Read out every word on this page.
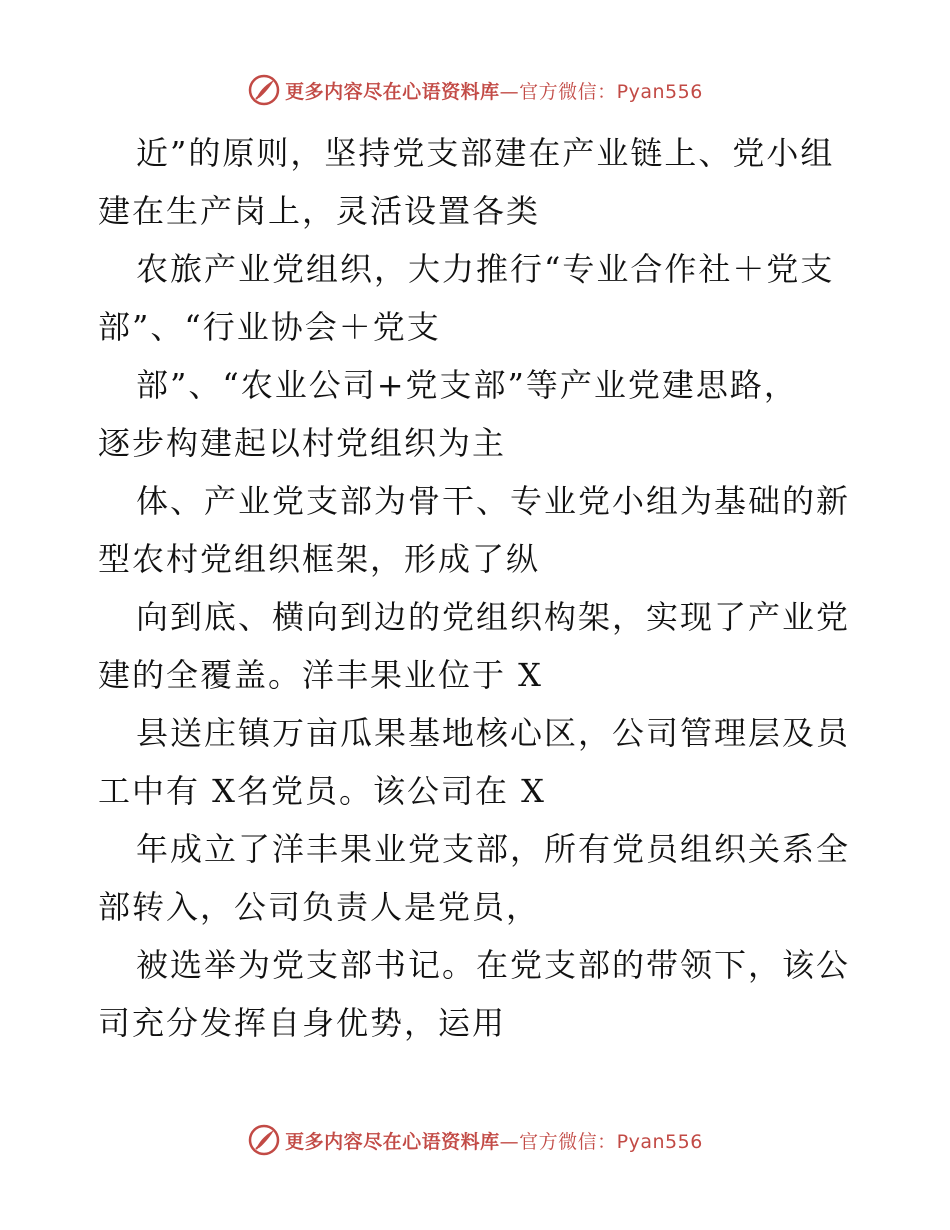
更多内容尽在心语资料库 —官方微信：Pyan556
近”的原则，坚持党支部建在产业链上、党小组
建在生产岗上，灵活设置各类
农旅产业党组织，大力推行“专业合作社＋党支
部”、“行业协会＋党支
部”、“农业公司+党支部”等产业党建思路，
逐步构建起以村党组织为主
体、产业党支部为骨干、专业党小组为基础的新
型农村党组织框架，形成了纵
向到底、横向到边的党组织构架，实现了产业党
建的全覆盖。洋丰果业位于 X
县送庄镇万亩瓜果基地核心区，公司管理层及员
工中有 X名党员。该公司在 X
年成立了洋丰果业党支部，所有党员组织关系全
部转入，公司负责人是党员，
被选举为党支部书记。在党支部的带领下，该公
司充分发挥自身优势，运用
更多内容尽在心语资料库 —官方微信：Pyan556
